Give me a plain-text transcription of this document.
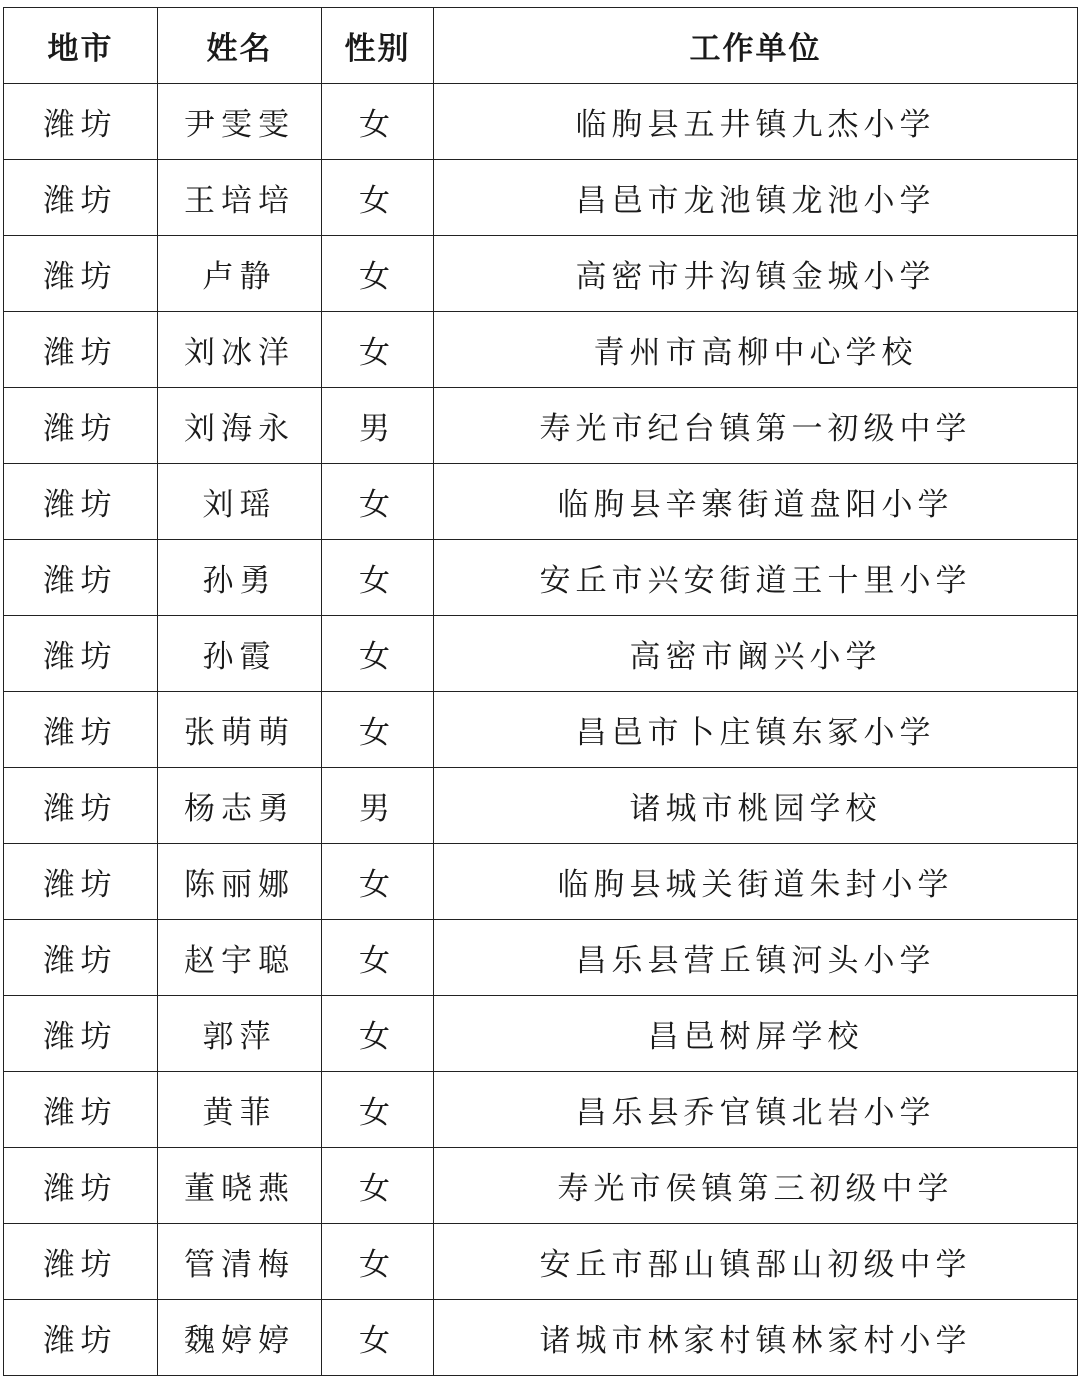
地市	姓名	性别	工作单位
潍坊	尹雯雯	女	临朐县五井镇九杰小学
潍坊	王培培	女	昌邑市龙池镇龙池小学
潍坊	卢静	女	高密市井沟镇金城小学
潍坊	刘冰洋	女	青州市高柳中心学校
潍坊	刘海永	男	寿光市纪台镇第一初级中学
潍坊	刘瑶	女	临朐县辛寨街道盘阳小学
潍坊	孙勇	女	安丘市兴安街道王十里小学
潍坊	孙霞	女	高密市阚兴小学
潍坊	张萌萌	女	昌邑市卜庄镇东冢小学
潍坊	杨志勇	男	诸城市桃园学校
潍坊	陈丽娜	女	临朐县城关街道朱封小学
潍坊	赵宇聪	女	昌乐县营丘镇河头小学
潍坊	郭萍	女	昌邑树屏学校
潍坊	黄菲	女	昌乐县乔官镇北岩小学
潍坊	董晓燕	女	寿光市侯镇第三初级中学
潍坊	管清梅	女	安丘市郚山镇郚山初级中学
潍坊	魏婷婷	女	诸城市林家村镇林家村小学
